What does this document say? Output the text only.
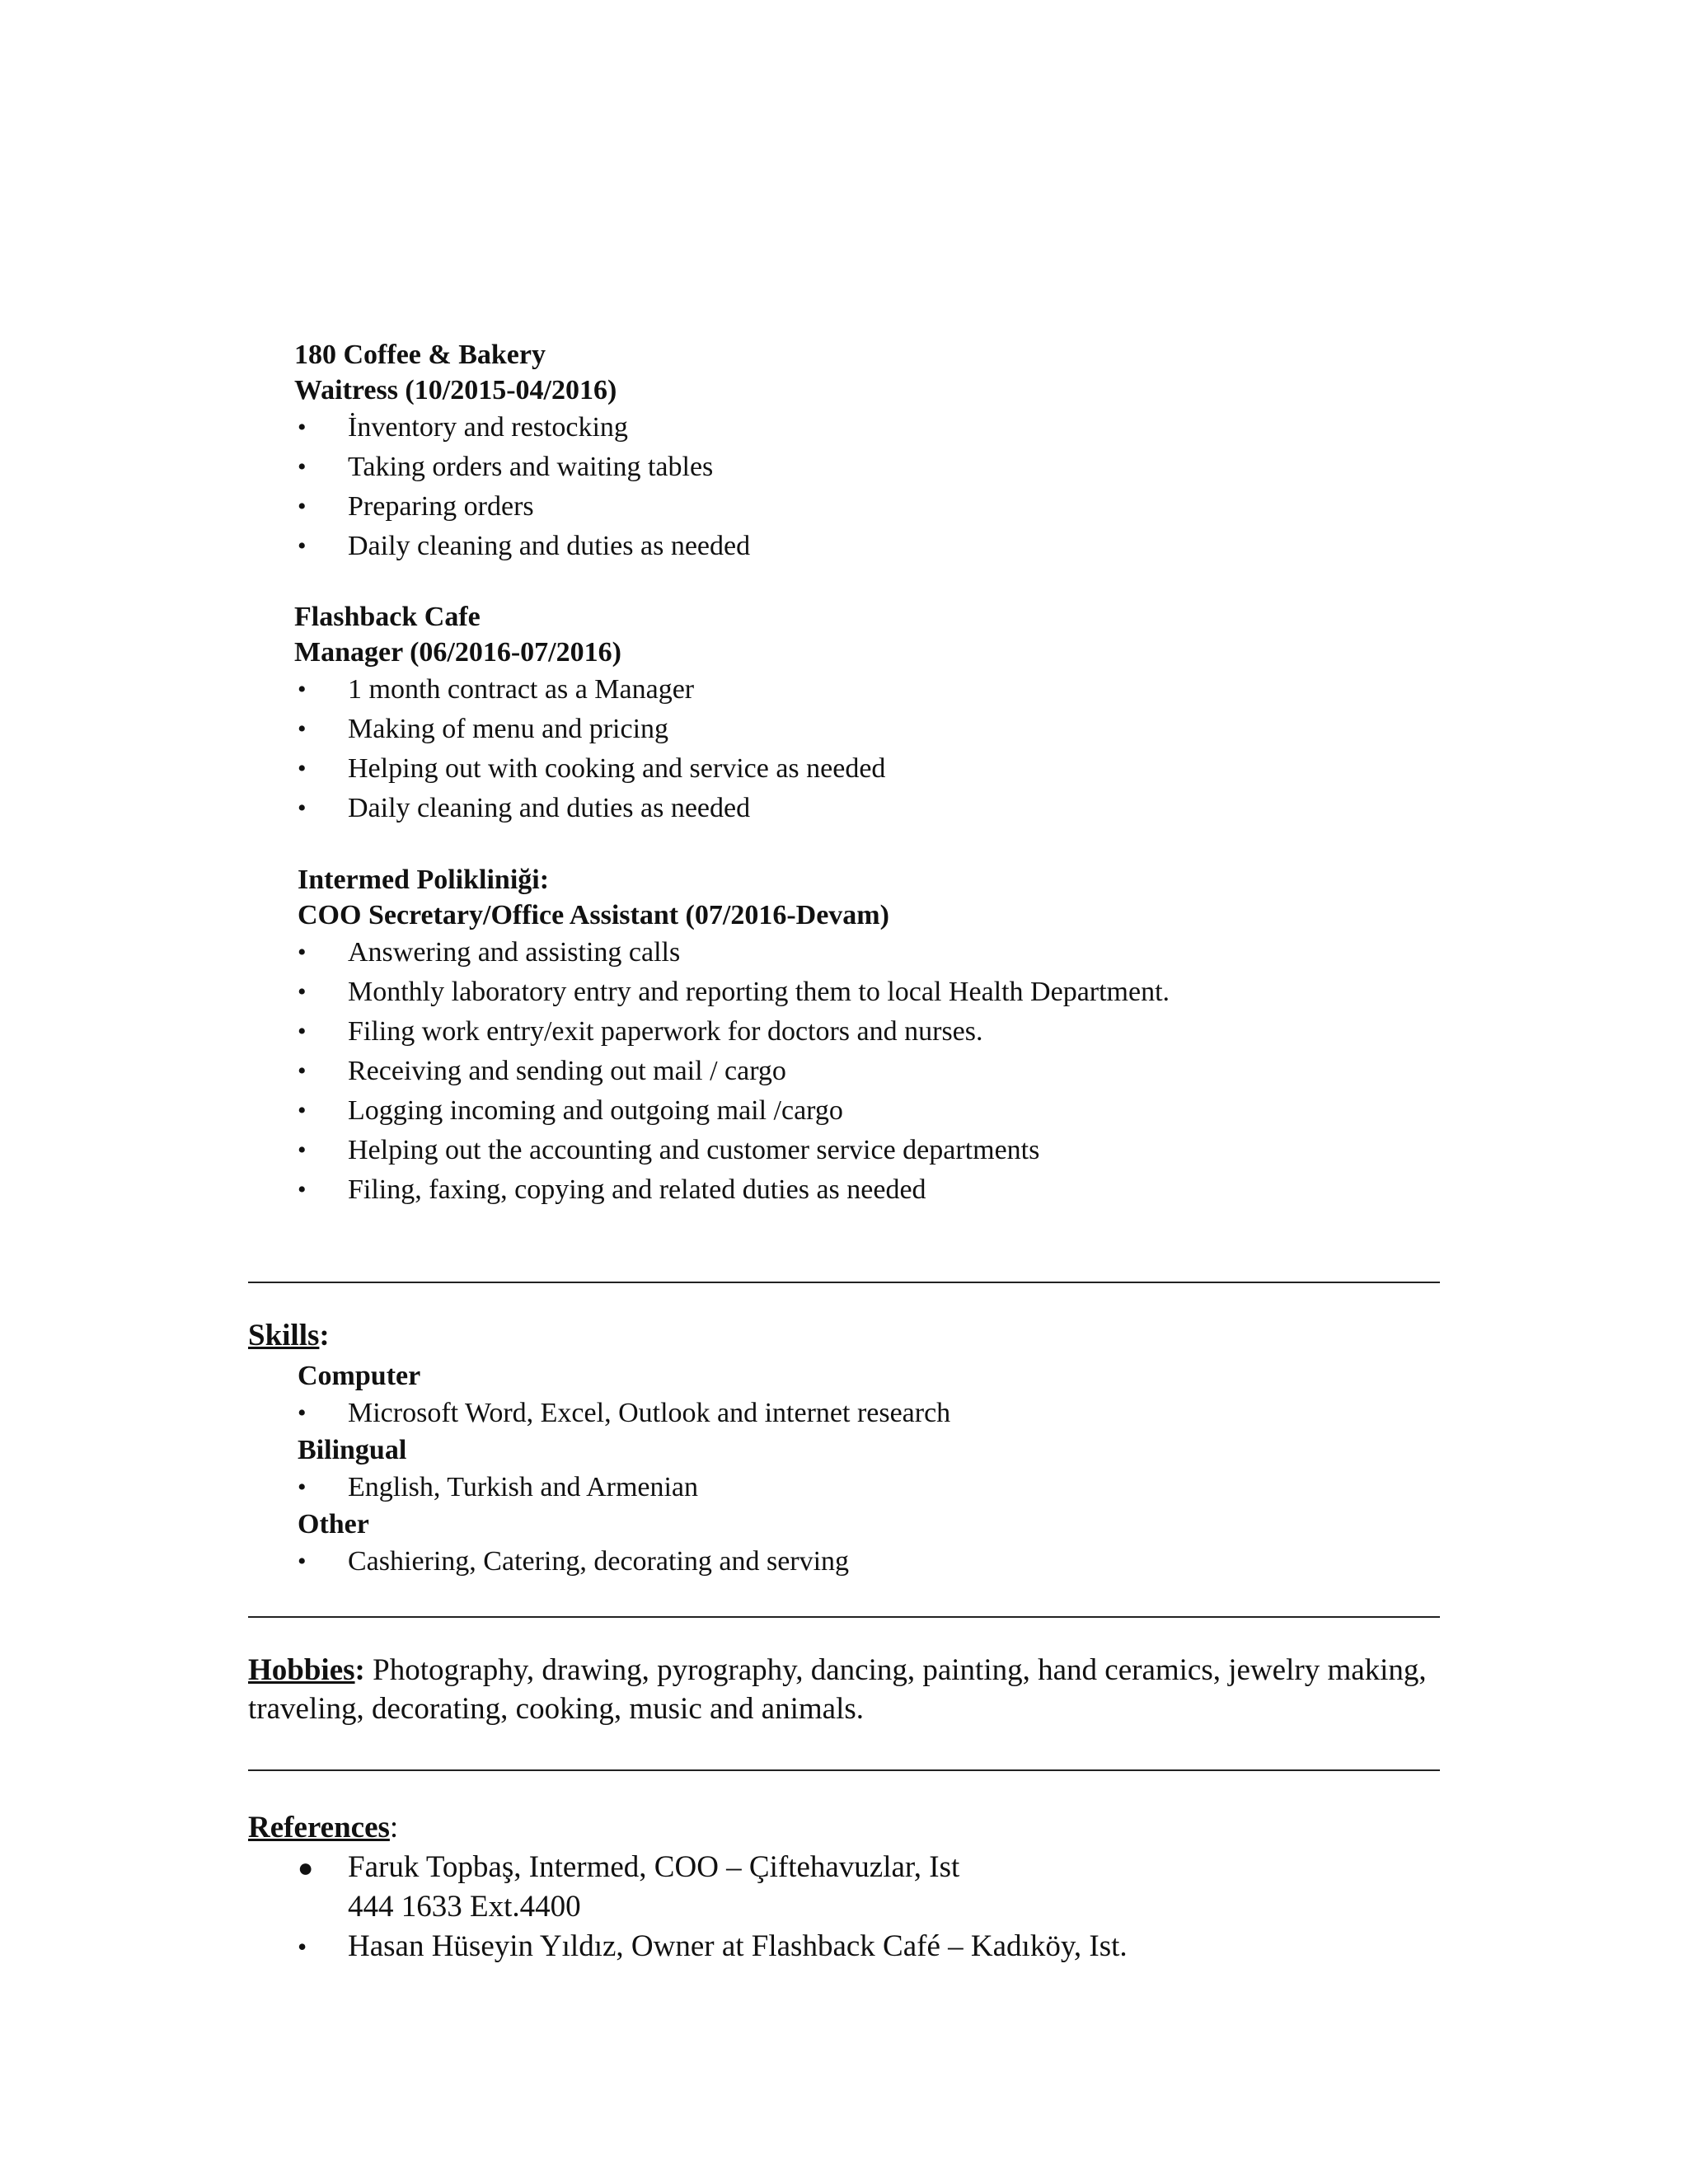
180 Coffee & Bakery
Waitress (10/2015-04/2016)
• İnventory and restocking
• Taking orders and waiting tables
• Preparing orders
• Daily cleaning and duties as needed
Flashback Cafe
Manager (06/2016-07/2016)
• 1 month contract as a Manager
• Making of menu and pricing
• Helping out with cooking and service as needed
• Daily cleaning and duties as needed
Intermed Polikliniği:
COO Secretary/Office Assistant (07/2016-Devam)
• Answering and assisting calls
• Monthly laboratory entry and reporting them to local Health Department.
• Filing work entry/exit paperwork for doctors and nurses.
• Receiving and sending out mail / cargo
• Logging incoming and outgoing mail /cargo
• Helping out the accounting and customer service departments
• Filing, faxing, copying and related duties as needed
Skills:
Computer
• Microsoft Word, Excel, Outlook and internet research
Bilingual
• English, Turkish and Armenian
Other
• Cashiering, Catering, decorating and serving
Hobbies: Photography, drawing, pyrography, dancing, painting, hand ceramics, jewelry making, traveling, decorating, cooking, music and animals.
References:
● Faruk Topbaş, Intermed, COO – Çiftehavuzlar, Ist
444 1633 Ext.4400
• Hasan Hüseyin Yıldız, Owner at Flashback Café – Kadıköy, Ist.
